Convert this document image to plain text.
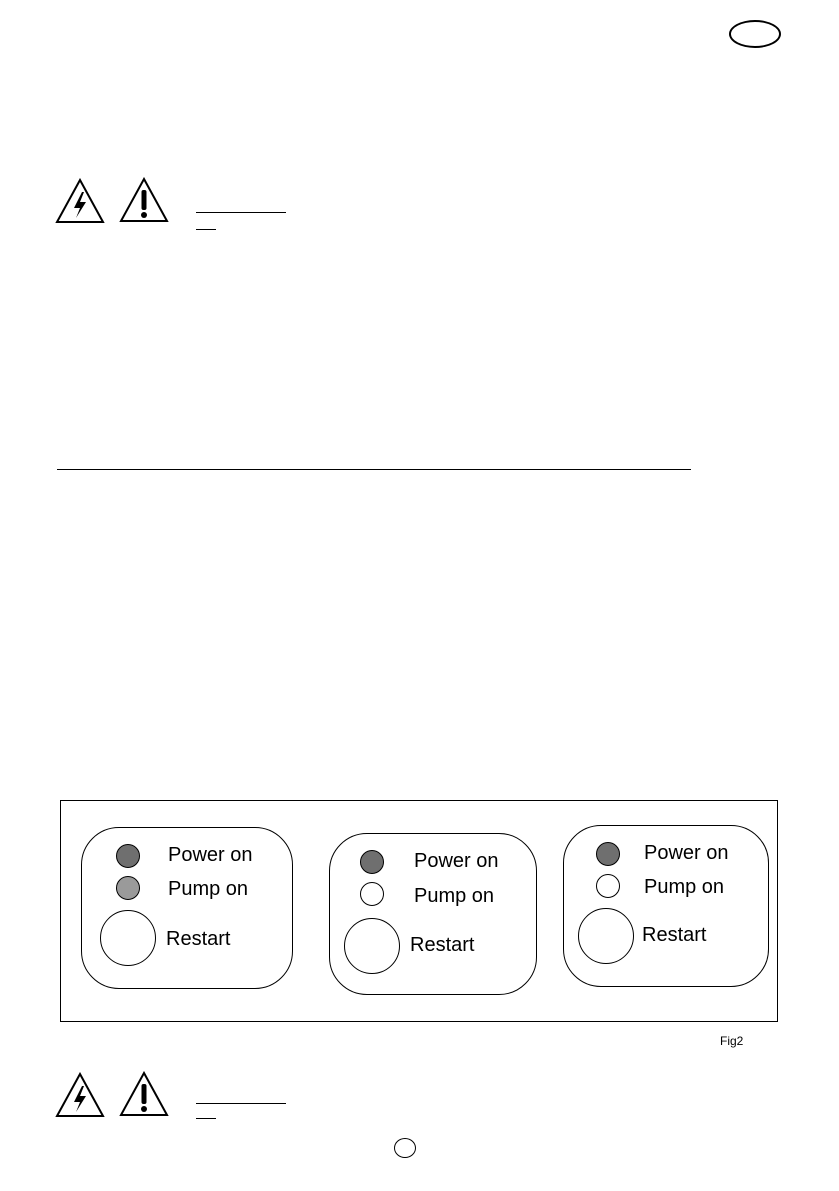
Power on
Pump on
Restart
Power on
Pump on
Restart
Power on
Pump on
Restart
Fig2
